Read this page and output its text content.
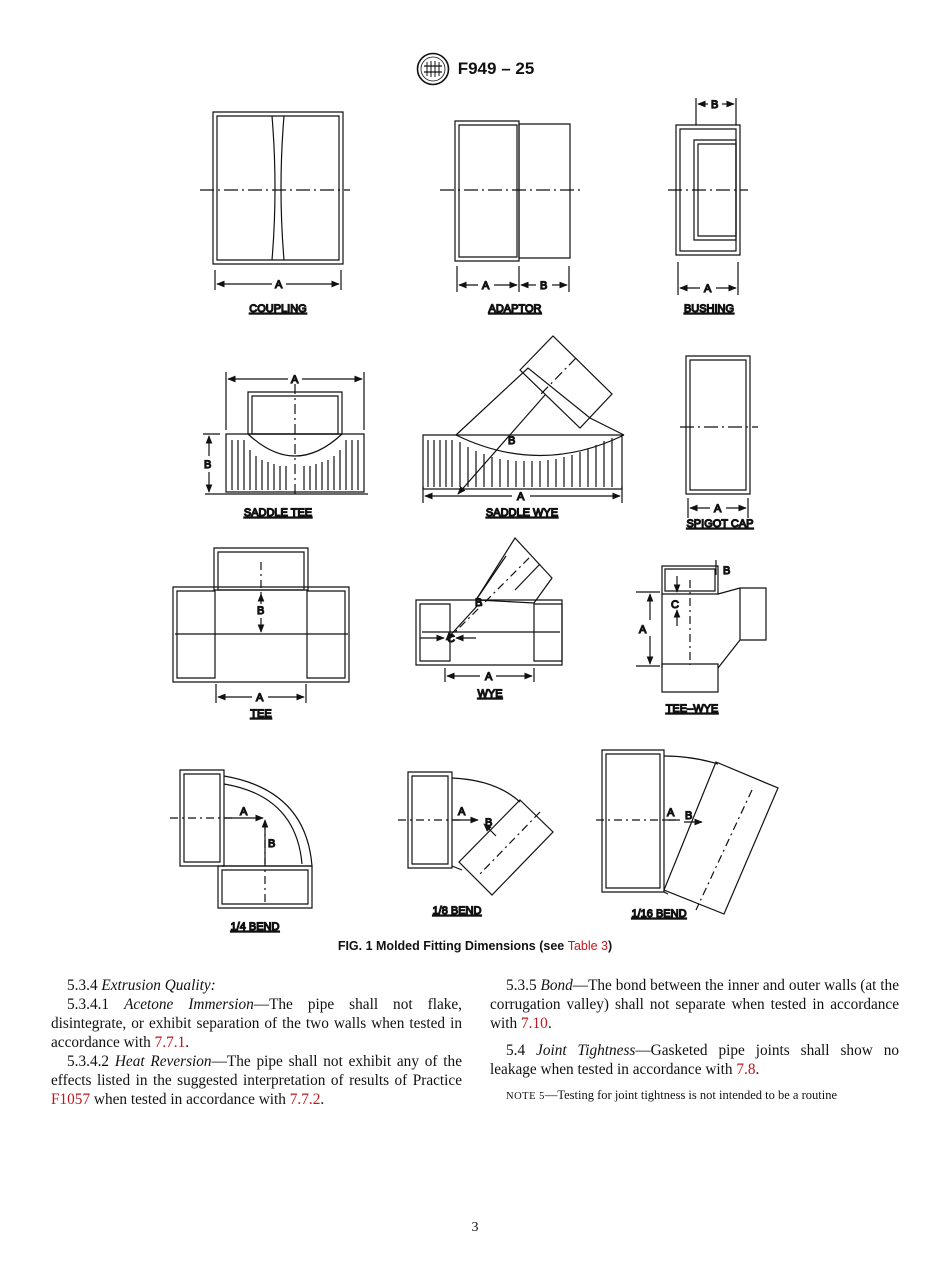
F949 – 25
A
COUPLING
A	B
ADAPTOR
B
A
BUSHING
A
B
SADDLE TEE
B
A
SADDLE WYE	A
SPIGOT CAP
B
A
TEE
B
C
A
WYE
B
C
A
TEE–WYE
A
B
1/4 BEND
A
B
1/8 BEND
A B
1/16 BEND
FIG. 1 Molded Fitting Dimensions (see Table 3)

5.3.4 Extrusion Quality:

5.3.4.1 Acetone Immersion—The pipe shall not flake, disintegrate, or exhibit separation of the two walls when tested in accordance with 7.7.1.

5.3.4.2 Heat Reversion—The pipe shall not exhibit any of the effects listed in the suggested interpretation of results of Practice F1057 when tested in accordance with 7.7.2.

5.3.5 Bond—The bond between the inner and outer walls (at the corrugation valley) shall not separate when tested in accordance with 7.10.

5.4 Joint Tightness—Gasketed pipe joints shall show no leakage when tested in accordance with 7.8.

NOTE 5—Testing for joint tightness is not intended to be a routine

3
